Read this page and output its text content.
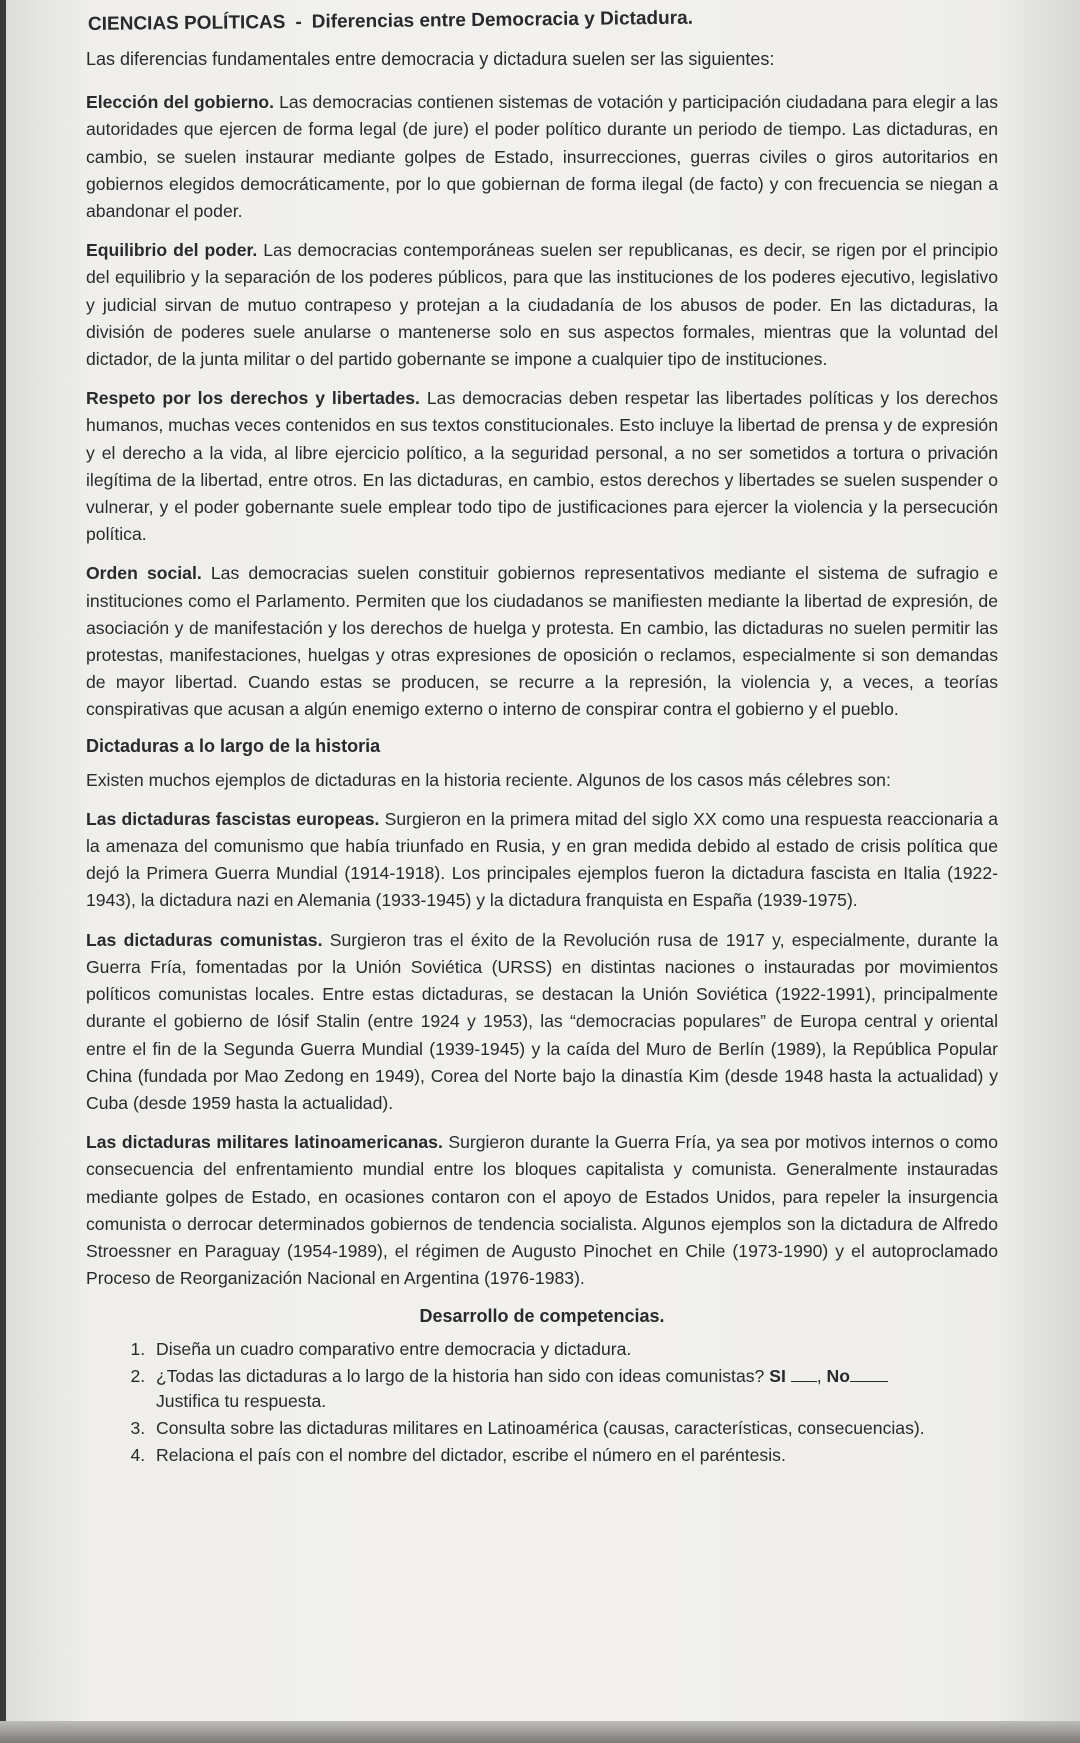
CIENCIAS POLÍTICAS - Diferencias entre Democracia y Dictadura.

Las diferencias fundamentales entre democracia y dictadura suelen ser las siguientes:

Elección del gobierno. Las democracias contienen sistemas de votación y participación ciudadana para elegir a las autoridades que ejercen de forma legal (de jure) el poder político durante un periodo de tiempo. Las dictaduras, en cambio, se suelen instaurar mediante golpes de Estado, insurrecciones, guerras civiles o giros autoritarios en gobiernos elegidos democráticamente, por lo que gobiernan de forma ilegal (de facto) y con frecuencia se niegan a abandonar el poder.

Equilibrio del poder. Las democracias contemporáneas suelen ser republicanas, es decir, se rigen por el principio del equilibrio y la separación de los poderes públicos, para que las instituciones de los poderes ejecutivo, legislativo y judicial sirvan de mutuo contrapeso y protejan a la ciudadanía de los abusos de poder. En las dictaduras, la división de poderes suele anularse o mantenerse solo en sus aspectos formales, mientras que la voluntad del dictador, de la junta militar o del partido gobernante se impone a cualquier tipo de instituciones.

Respeto por los derechos y libertades. Las democracias deben respetar las libertades políticas y los derechos humanos, muchas veces contenidos en sus textos constitucionales. Esto incluye la libertad de prensa y de expresión y el derecho a la vida, al libre ejercicio político, a la seguridad personal, a no ser sometidos a tortura o privación ilegítima de la libertad, entre otros. En las dictaduras, en cambio, estos derechos y libertades se suelen suspender o vulnerar, y el poder gobernante suele emplear todo tipo de justificaciones para ejercer la violencia y la persecución política.

Orden social. Las democracias suelen constituir gobiernos representativos mediante el sistema de sufragio e instituciones como el Parlamento. Permiten que los ciudadanos se manifiesten mediante la libertad de expresión, de asociación y de manifestación y los derechos de huelga y protesta. En cambio, las dictaduras no suelen permitir las protestas, manifestaciones, huelgas y otras expresiones de oposición o reclamos, especialmente si son demandas de mayor libertad. Cuando estas se producen, se recurre a la represión, la violencia y, a veces, a teorías conspirativas que acusan a algún enemigo externo o interno de conspirar contra el gobierno y el pueblo.

Dictaduras a lo largo de la historia

Existen muchos ejemplos de dictaduras en la historia reciente. Algunos de los casos más célebres son:

Las dictaduras fascistas europeas. Surgieron en la primera mitad del siglo XX como una respuesta reaccionaria a la amenaza del comunismo que había triunfado en Rusia, y en gran medida debido al estado de crisis política que dejó la Primera Guerra Mundial (1914-1918). Los principales ejemplos fueron la dictadura fascista en Italia (1922-1943), la dictadura nazi en Alemania (1933-1945) y la dictadura franquista en España (1939-1975).

Las dictaduras comunistas. Surgieron tras el éxito de la Revolución rusa de 1917 y, especialmente, durante la Guerra Fría, fomentadas por la Unión Soviética (URSS) en distintas naciones o instauradas por movimientos políticos comunistas locales. Entre estas dictaduras, se destacan la Unión Soviética (1922-1991), principalmente durante el gobierno de Iósif Stalin (entre 1924 y 1953), las “democracias populares” de Europa central y oriental entre el fin de la Segunda Guerra Mundial (1939-1945) y la caída del Muro de Berlín (1989), la República Popular China (fundada por Mao Zedong en 1949), Corea del Norte bajo la dinastía Kim (desde 1948 hasta la actualidad) y Cuba (desde 1959 hasta la actualidad).

Las dictaduras militares latinoamericanas. Surgieron durante la Guerra Fría, ya sea por motivos internos o como consecuencia del enfrentamiento mundial entre los bloques capitalista y comunista. Generalmente instauradas mediante golpes de Estado, en ocasiones contaron con el apoyo de Estados Unidos, para repeler la insurgencia comunista o derrocar determinados gobiernos de tendencia socialista. Algunos ejemplos son la dictadura de Alfredo Stroessner en Paraguay (1954-1989), el régimen de Augusto Pinochet en Chile (1973-1990) y el autoproclamado Proceso de Reorganización Nacional en Argentina (1976-1983).

Desarrollo de competencias.
1. Diseña un cuadro comparativo entre democracia y dictadura.
2. ¿Todas las dictaduras a lo largo de la historia han sido con ideas comunistas? SI , No
Justifica tu respuesta.
3. Consulta sobre las dictaduras militares en Latinoamérica (causas, características, consecuencias).
4. Relaciona el país con el nombre del dictador, escribe el número en el paréntesis.
